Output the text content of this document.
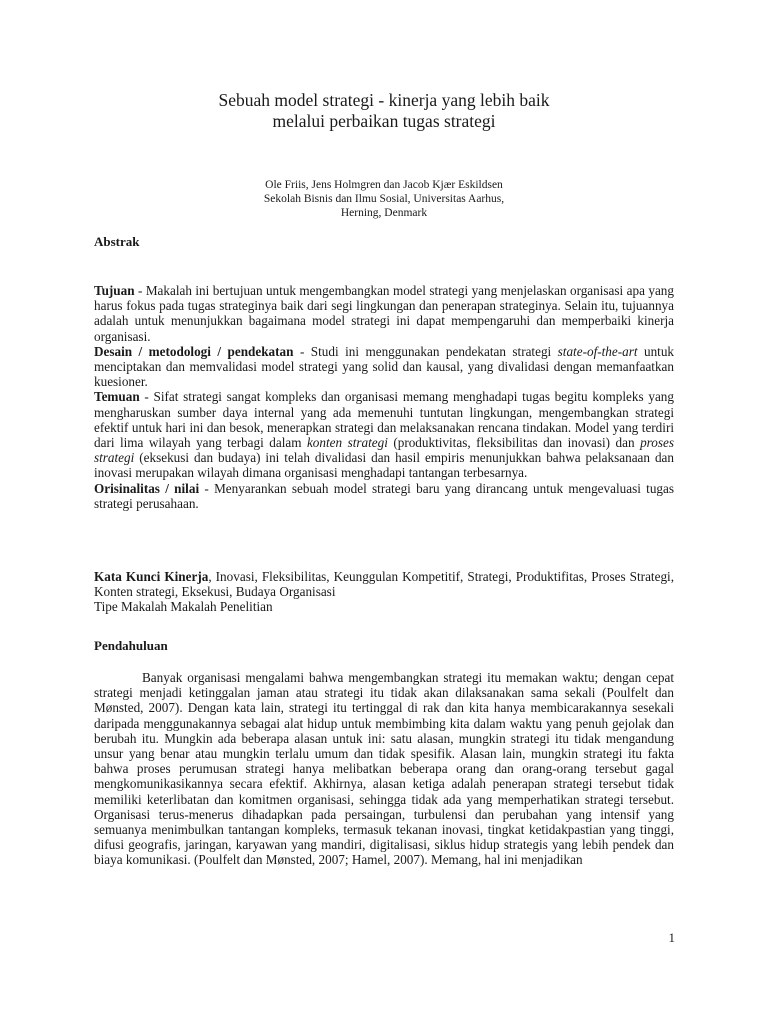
Sebuah model strategi - kinerja yang lebih baik
melalui perbaikan tugas strategi
Ole Friis, Jens Holmgren dan Jacob Kjær Eskildsen
Sekolah Bisnis dan Ilmu Sosial, Universitas Aarhus,
Herning, Denmark
Abstrak
Tujuan - Makalah ini bertujuan untuk mengembangkan model strategi yang menjelaskan organisasi apa yang harus fokus pada tugas strateginya baik dari segi lingkungan dan penerapan strateginya. Selain itu, tujuannya adalah untuk menunjukkan bagaimana model strategi ini dapat mempengaruhi dan memperbaiki kinerja organisasi.
Desain / metodologi / pendekatan - Studi ini menggunakan pendekatan strategi state-of-the-art untuk menciptakan dan memvalidasi model strategi yang solid dan kausal, yang divalidasi dengan memanfaatkan kuesioner.
Temuan - Sifat strategi sangat kompleks dan organisasi memang menghadapi tugas begitu kompleks yang mengharuskan sumber daya internal yang ada memenuhi tuntutan lingkungan, mengembangkan strategi efektif untuk hari ini dan besok, menerapkan strategi dan melaksanakan rencana tindakan. Model yang terdiri dari lima wilayah yang terbagi dalam konten strategi (produktivitas, fleksibilitas dan inovasi) dan proses strategi (eksekusi dan budaya) ini telah divalidasi dan hasil empiris menunjukkan bahwa pelaksanaan dan inovasi merupakan wilayah dimana organisasi menghadapi tantangan terbesarnya.
Orisinalitas / nilai - Menyarankan sebuah model strategi baru yang dirancang untuk mengevaluasi tugas strategi perusahaan.
Kata Kunci Kinerja, Inovasi, Fleksibilitas, Keunggulan Kompetitif, Strategi, Produktifitas, Proses Strategi, Konten strategi, Eksekusi, Budaya Organisasi
Tipe Makalah Makalah Penelitian
Pendahuluan
Banyak organisasi mengalami bahwa mengembangkan strategi itu memakan waktu; dengan cepat strategi menjadi ketinggalan jaman atau strategi itu tidak akan dilaksanakan sama sekali (Poulfelt dan Mønsted, 2007). Dengan kata lain, strategi itu tertinggal di rak dan kita hanya membicarakannya sesekali daripada menggunakannya sebagai alat hidup untuk membimbing kita dalam waktu yang penuh gejolak dan berubah itu. Mungkin ada beberapa alasan untuk ini: satu alasan, mungkin strategi itu tidak mengandung unsur yang benar atau mungkin terlalu umum dan tidak spesifik. Alasan lain, mungkin strategi itu fakta bahwa proses perumusan strategi hanya melibatkan beberapa orang dan orang-orang tersebut gagal mengkomunikasikannya secara efektif. Akhirnya, alasan ketiga adalah penerapan strategi tersebut tidak memiliki keterlibatan dan komitmen organisasi, sehingga tidak ada yang memperhatikan strategi tersebut. Organisasi terus-menerus dihadapkan pada persaingan, turbulensi dan perubahan yang intensif yang semuanya menimbulkan tantangan kompleks, termasuk tekanan inovasi, tingkat ketidakpastian yang tinggi, difusi geografis, jaringan, karyawan yang mandiri, digitalisasi, siklus hidup strategis yang lebih pendek dan biaya komunikasi. (Poulfelt dan Mønsted, 2007; Hamel, 2007). Memang, hal ini menjadikan
1
